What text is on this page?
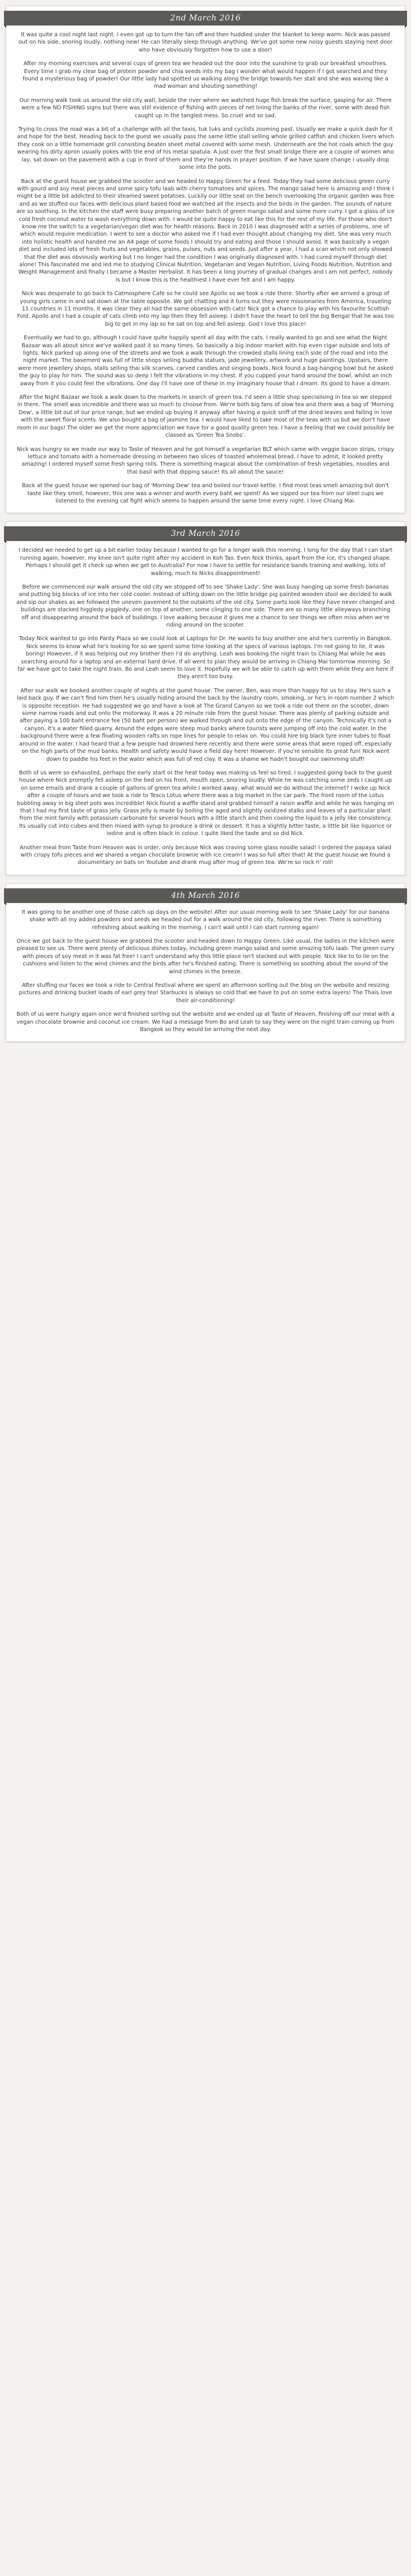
2nd March 2016

It was quite a cool night last night. I even got up to turn the fan off and then huddled under the blanket to keep warm. Nick was passed out on his side, snoring loudly, nothing new! He can literally sleep through anything. We've got some new noisy guests staying next door who have obviously forgotten how to use a door!

After my morning exercises and several cups of green tea we headed out the door into the sunshine to grab our breakfast smoothies. Every time I grab my clear bag of protein powder and chia seeds into my bag I wonder what would happen if I got searched and they found a mysterious bag of powder! Our little lady had spotted us walking along the bridge towards her stall and she was waving like a mad woman and shouting something!

Our morning walk took us around the old city wall, beside the river where we watched huge fish break the surface, gasping for air. There were a few NO FISHING signs but there was still evidence of fishing with pieces of net lining the banks of the river, some with dead fish caught up in the tangled mess. So cruel and so sad.

Trying to cross the road was a bit of a challenge with all the taxis, tuk tuks and cyclists zooming past. Usually we make a quick dash for it and hope for the best. Heading back to the guest we usually pass the same little stall selling whole grilled catfish and chicken livers which they cook on a little homemade grill consisting beaten sheet metal covered with some mesh. Underneath are the hot coals which the guy wearing his dirty apron usually pokes with the end of his metal spatula. A just over the first small bridge there are a couple of women who lay, sat down on the pavement with a cup in front of them and they're hands in prayer position. If we have spare change I usually drop some into the pots.

Back at the guest house we grabbed the scooter and we headed to Happy Green for a feed. Today they had some delicious green curry with gourd and soy meat pieces and some spicy tofu laab with cherry tomatoes and spices. The mango salad here is amazing and I think I might be a little bit addicted to their steamed sweet potatoes. Luckily our little seat on the bench overlooking the organic garden was free and as we stuffed our faces with delicious plant based food we watched all the insects and the birds in the garden. The sounds of nature are so soothing. In the kitchen the staff were busy preparing another batch of green mango salad and some more curry. I got a glass of ice cold fresh coconut water to wash everything down with. I would be quite happy to eat like this for the rest of my life. For those who don't know me the switch to a vegetarian/vegan diet was for health reasons. Back in 2010 I was diagnosed with a series of problems, one of which would require medication. I went to see a doctor who asked me if I had ever thought about changing my diet. She was very much into holistic health and handed me an A4 page of some foods I should try and eating and those I should avoid. It was basically a vegan diet and included lots of fresh fruits and vegetables, grains, pulses, nuts and seeds. Just after a year, I had a scan which not only showed that the diet was obviously working but I no longer had the condition I was originally diagnosed with. I had cured myself through diet alone! This fascinated me and led me to studying Clinical Nutrition, Vegetarian and Vegan Nutrition, Living Foods Nutrition, Nutrition and Weight Management and finally I became a Master Herbalist. It has been a long journey of gradual changes and I am not perfect, nobody is but I know this is the healthiest I have ever felt and I am happy.

Nick was desperate to go back to Catmosphere Cafe so he could see Apollo so we took a ride there. Shortly after we arrived a group of young girls came in and sat down at the table opposite. We got chatting and it turns out they were missionaries from America, traveling 11 countries in 11 months. It was clear they all had the same obsession with cats! Nick got a chance to play with his favourite Scottish Fold, Apollo and I had a couple of cats climb into my lap then they fell asleep. I didn't have the heart to tell the big Bengal that he was too big to get in my lap so he sat on top and fell asleep. God I love this place!

Eventually we had to go, although I could have quite happily spent all day with the cats. I really wanted to go and see what the Night Bazaar was all about since we've walked past it so many times. So basically a big indoor market with hip even cigar outside and lots of lights. Nick parked up along one of the streets and we took a walk through the crowded stalls lining each side of the road and into the night market. The basement was full of little shops selling buddha statues, jade jewellery, artwork and huge paintings. Upstairs, there were more jewellery shops, stalls selling thai silk scarves, carved candles and singing bowls. Nick found a bag-hanging bowl but he asked the guy to play for him. The sound was so deep I felt the vibrations in my chest. If you cupped your hand around the bowl, whilst an inch away from it you could feel the vibrations. One day I'll have one of these in my imaginary house that I dream. Its good to have a dream.

After the Night Bazaar we took a walk down to the markets in search of green tea. I'd seen a little shop specialising in tea so we stepped in there. The smell was incredible and there was so much to choose from. We're both big fans of slow tea and there was a bag of 'Morning Dew', a little bit out of our price range, but we ended up buying it anyway after having a quick sniff of the dried leaves and falling in love with the sweet floral scents. We also bought a bag of jasmine tea. I would have liked to take most of the teas with us but we don't have room in our bags! The older we get the more appreciation we have for a good quality green tea. I have a feeling that we could possibly be classed as 'Green Tea Snobs'.

Nick was hungry so we made our way to Taste of Heaven and he got himself a vegetarian BLT which came with veggie bacon strips, crispy lettuce and tomato with a homemade dressing in between two slices of toasted wholemeal bread. I have to admit, it looked pretty amazing! I ordered myself some fresh spring rolls. There is something magical about the combination of fresh vegetables, noodles and thai basil with that dipping sauce! Its all about the sauce!

Back at the guest house we opened our bag of 'Morning Dew' tea and boiled our travel kettle. I find most teas smell amazing but don't taste like they smell, however, this one was a winner and worth every baht we spent! As we sipped our tea from our steel cups we listened to the evening cat fight which seems to happen around the same time every night. I love Chiang Mai.

3rd March 2016

I decided we needed to get up a bit earlier today because I wanted to go for a longer walk this morning. I long for the day that I can start running again, however, my knee isn't quite right after my accident in Koh Tao. Even Nick thinks, apart from the ice, it's changed shape. Perhaps I should get it check up when we get to Australia? For now I have to settle for resistance bands training and walking, lots of walking, much to Nicks disappointment!

Before we commenced our walk around the old city we stopped off to see 'Shake Lady'. She was busy hanging up some fresh bananas and putting big blocks of ice into her cold cooler. Instead of sitting down on the little bridge pig painted wooden stool we decided to walk and sip our shakes as we followed the uneven pavement to the outskirts of the old city. Some parts look like they have never changed and buildings are stacked higgledy piggledy, one on top of another, some clinging to one side. There are so many little alleyways branching off and disappearing around the back of buildings. I love walking because it gives me a chance to see things we often miss when we're riding around on the scooter.

Today Nick wanted to go into Panty Plaza so we could look at Laptops for Dr. He wants to buy another one and he's currently in Bangkok. Nick seems to know what he's looking for so we spent some time looking at the specs of various laptops. I'm not going to lie, it was boring! However, if it was helping out my brother then I'd do anything. Leah was booking the night train to Chiang Mai while he was searching around for a laptop and an external hard drive. If all went to plan they would be arriving in Chiang Mai tomorrow morning. So far we have got to take the night train. Bo and Leah seem to love it. Hopefully we will be able to catch up with them while they are here if they aren't too busy.

After our walk we booked another couple of nights at the guest house. The owner, Ben, was more than happy for us to stay. He's such a laid back guy. If we can't find him then he's usually hiding around the back by the laundry room, smoking, or he's in room number 2 which is opposite reception. He had suggested we go and have a look at The Grand Canyon so we took a ride out there on the scooter, down some narrow roads and out onto the motorway. It was a 20 minute ride from the guest house. There was plenty of parking outside and after paying a 100 baht entrance fee (50 baht per person) we walked through and out onto the edge of the canyon. Technically it's not a canyon, it's a water filled quarry. Around the edges were steep mud banks where tourists were jumping off into the cold water. In the background there were a few floating wooden rafts on rope lines for people to relax on. You could hire big black tyre inner tubes to float around in the water. I had heard that a few people had drowned here recently and there were some areas that were roped off, especially on the high parts of the mud banks. Health and safety would have a field day here! However, if you're sensible its great fun! Nick went down to paddle his feet in the water which was full of red clay. It was a shame we hadn't bought our swimming stuff!

Both of us were so exhausted, perhaps the early start or the heat today was making us feel so tired. I suggested going back to the guest house where Nick promptly fell asleep on the bed on his front, mouth open, snoring loudly. While he was catching some zeds I caught up on some emails and drank a couple of gallons of green tea while I worked away, what would we do without the internet? I woke up Nick after a couple of hours and we took a ride to Tesco Lotus where there was a big market in the car park. The front room of the Lotus bubbling away in big steel pots was incredible! Nick found a waffle stand and grabbed himself a raisin waffle and while he was hanging on that I had my first taste of grass jelly. Grass jelly is made by boiling the aged and slightly oxidized stalks and leaves of a particular plant from the mint family with potassium carbonate for several hours with a little starch and then cooling the liquid to a jelly like consistency. Its usually cut into cubes and then mixed with syrup to produce a drink or dessert. It has a slightly bitter taste, a little bit like liquorice or iodine and is often black in colour. I quite liked the taste and so did Nick.

Another meal from Taste from Heaven was in order, only because Nick was craving some glass noodle salad! I ordered the papaya salad with crispy tofu pieces and we shared a vegan chocolate brownie with ice cream! I was so full after that! At the guest house we found a documentary on bats on Youtube and drank mug after mug of green tea. We're so rock n' roll!

4th March 2016

It was going to be another one of those catch up days on the website! After our usual morning walk to see 'Shake Lady' for our banana shake with all my added powders and seeds we headed out for a walk around the old city, following the river. There is something refreshing about walking in the morning. I can't wait until I can start running again!

Once we got back to the guest house we grabbed the scooter and headed down to Happy Green. Like usual, the ladies in the kitchen were pleased to see us. There were plenty of delicious dishes today, including green mango salad and some amazing tofu laab. The green curry with pieces of soy meat in it was fat free! I can't understand why this little place isn't stacked out with people. Nick like to to lie on the cushions and listen to the wind chimes and the birds after he's finished eating. There is something so soothing about the sound of the wind chimes in the breeze.

After stuffing our faces we took a ride to Central Festival where we spent an afternoon sorting out the blog on the website and resizing pictures and drinking bucket loads of earl grey tea! Starbucks is always so cold that we have to put on some extra layers! The Thais love their air-conditioning!

Both of us were hungry again once we'd finished sorting out the website and we ended up at Taste of Heaven, finishing off our meal with a vegan chocolate brownie and coconut ice cream. We had a message from Bo and Leah to say they were on the night train coming up from Bangkok so they would be arriving the next day.
